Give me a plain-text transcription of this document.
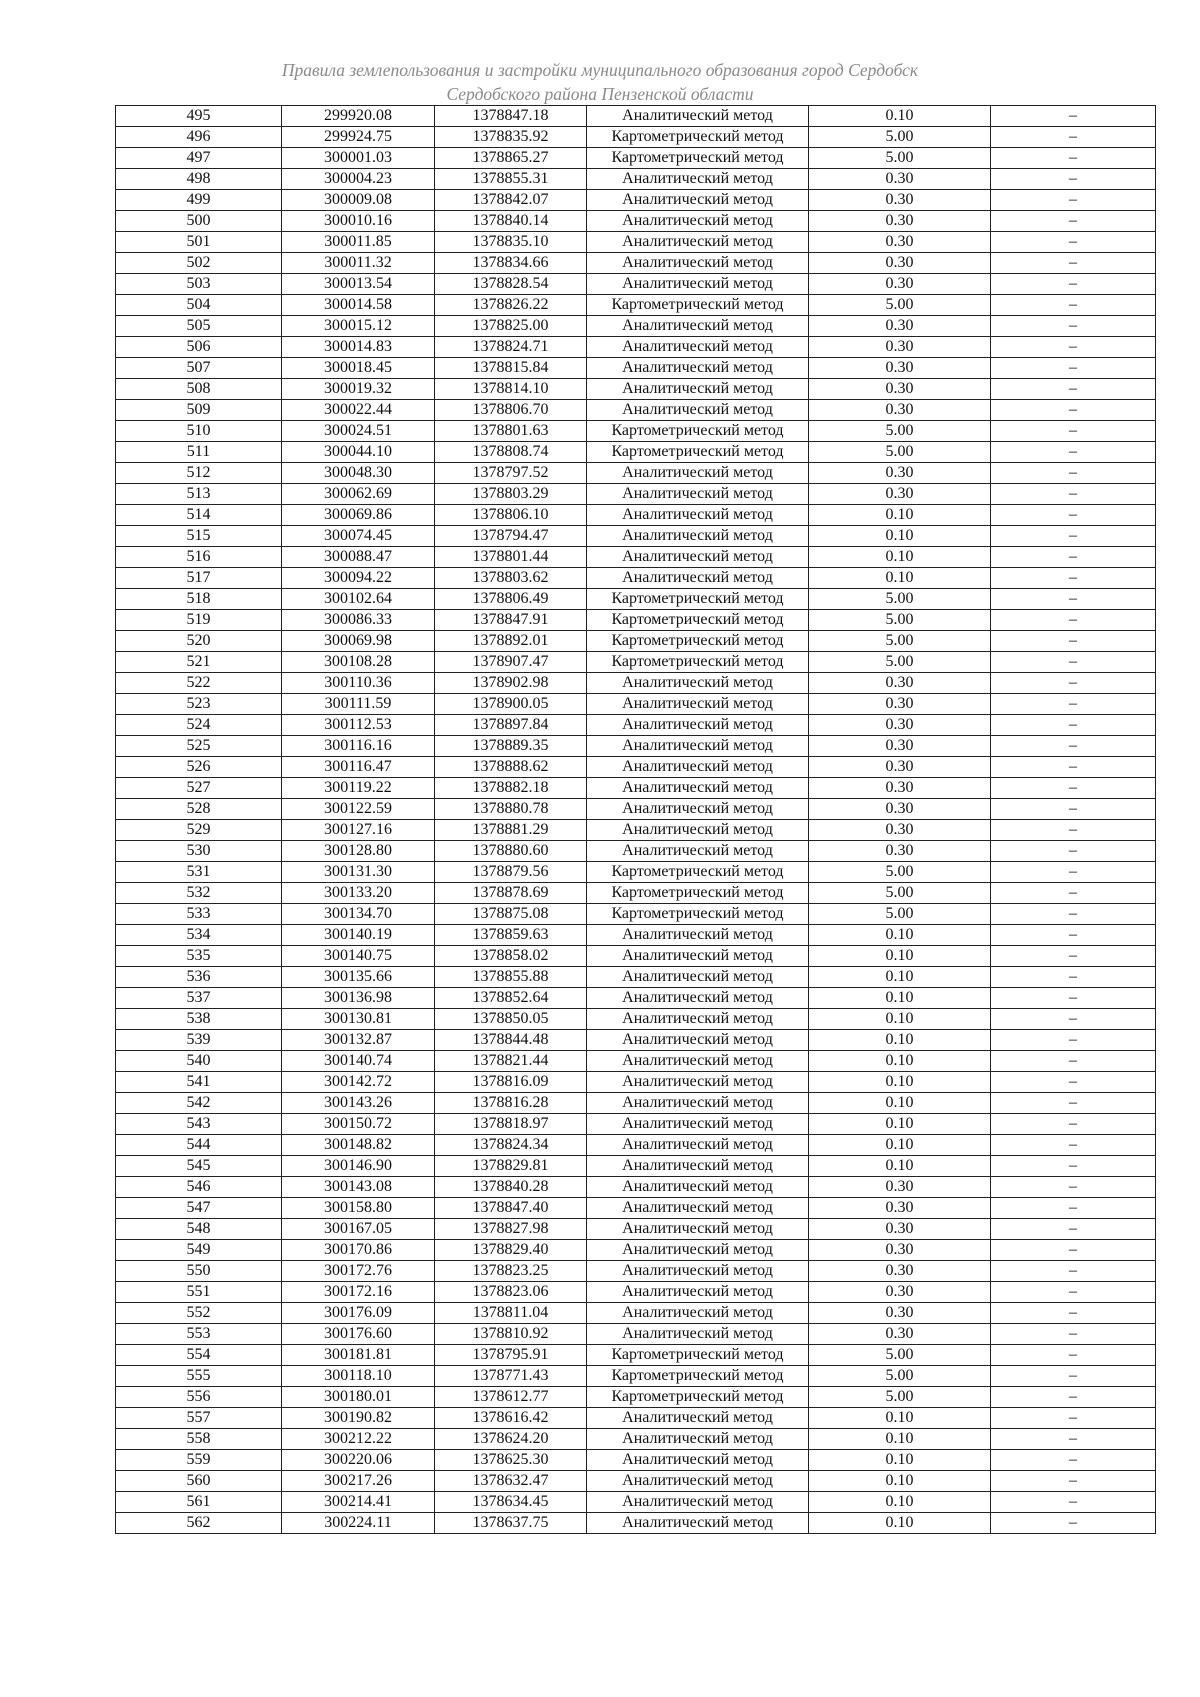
Правила землепользования и застройки муниципального образования город Сердобск
Сердобского района Пензенской области
495	299920.08	1378847.18	Аналитический метод	0.10	–
496	299924.75	1378835.92	Картометрический метод	5.00	–
497	300001.03	1378865.27	Картометрический метод	5.00	–
498	300004.23	1378855.31	Аналитический метод	0.30	–
499	300009.08	1378842.07	Аналитический метод	0.30	–
500	300010.16	1378840.14	Аналитический метод	0.30	–
501	300011.85	1378835.10	Аналитический метод	0.30	–
502	300011.32	1378834.66	Аналитический метод	0.30	–
503	300013.54	1378828.54	Аналитический метод	0.30	–
504	300014.58	1378826.22	Картометрический метод	5.00	–
505	300015.12	1378825.00	Аналитический метод	0.30	–
506	300014.83	1378824.71	Аналитический метод	0.30	–
507	300018.45	1378815.84	Аналитический метод	0.30	–
508	300019.32	1378814.10	Аналитический метод	0.30	–
509	300022.44	1378806.70	Аналитический метод	0.30	–
510	300024.51	1378801.63	Картометрический метод	5.00	–
511	300044.10	1378808.74	Картометрический метод	5.00	–
512	300048.30	1378797.52	Аналитический метод	0.30	–
513	300062.69	1378803.29	Аналитический метод	0.30	–
514	300069.86	1378806.10	Аналитический метод	0.10	–
515	300074.45	1378794.47	Аналитический метод	0.10	–
516	300088.47	1378801.44	Аналитический метод	0.10	–
517	300094.22	1378803.62	Аналитический метод	0.10	–
518	300102.64	1378806.49	Картометрический метод	5.00	–
519	300086.33	1378847.91	Картометрический метод	5.00	–
520	300069.98	1378892.01	Картометрический метод	5.00	–
521	300108.28	1378907.47	Картометрический метод	5.00	–
522	300110.36	1378902.98	Аналитический метод	0.30	–
523	300111.59	1378900.05	Аналитический метод	0.30	–
524	300112.53	1378897.84	Аналитический метод	0.30	–
525	300116.16	1378889.35	Аналитический метод	0.30	–
526	300116.47	1378888.62	Аналитический метод	0.30	–
527	300119.22	1378882.18	Аналитический метод	0.30	–
528	300122.59	1378880.78	Аналитический метод	0.30	–
529	300127.16	1378881.29	Аналитический метод	0.30	–
530	300128.80	1378880.60	Аналитический метод	0.30	–
531	300131.30	1378879.56	Картометрический метод	5.00	–
532	300133.20	1378878.69	Картометрический метод	5.00	–
533	300134.70	1378875.08	Картометрический метод	5.00	–
534	300140.19	1378859.63	Аналитический метод	0.10	–
535	300140.75	1378858.02	Аналитический метод	0.10	–
536	300135.66	1378855.88	Аналитический метод	0.10	–
537	300136.98	1378852.64	Аналитический метод	0.10	–
538	300130.81	1378850.05	Аналитический метод	0.10	–
539	300132.87	1378844.48	Аналитический метод	0.10	–
540	300140.74	1378821.44	Аналитический метод	0.10	–
541	300142.72	1378816.09	Аналитический метод	0.10	–
542	300143.26	1378816.28	Аналитический метод	0.10	–
543	300150.72	1378818.97	Аналитический метод	0.10	–
544	300148.82	1378824.34	Аналитический метод	0.10	–
545	300146.90	1378829.81	Аналитический метод	0.10	–
546	300143.08	1378840.28	Аналитический метод	0.30	–
547	300158.80	1378847.40	Аналитический метод	0.30	–
548	300167.05	1378827.98	Аналитический метод	0.30	–
549	300170.86	1378829.40	Аналитический метод	0.30	–
550	300172.76	1378823.25	Аналитический метод	0.30	–
551	300172.16	1378823.06	Аналитический метод	0.30	–
552	300176.09	1378811.04	Аналитический метод	0.30	–
553	300176.60	1378810.92	Аналитический метод	0.30	–
554	300181.81	1378795.91	Картометрический метод	5.00	–
555	300118.10	1378771.43	Картометрический метод	5.00	–
556	300180.01	1378612.77	Картометрический метод	5.00	–
557	300190.82	1378616.42	Аналитический метод	0.10	–
558	300212.22	1378624.20	Аналитический метод	0.10	–
559	300220.06	1378625.30	Аналитический метод	0.10	–
560	300217.26	1378632.47	Аналитический метод	0.10	–
561	300214.41	1378634.45	Аналитический метод	0.10	–
562	300224.11	1378637.75	Аналитический метод	0.10	–
